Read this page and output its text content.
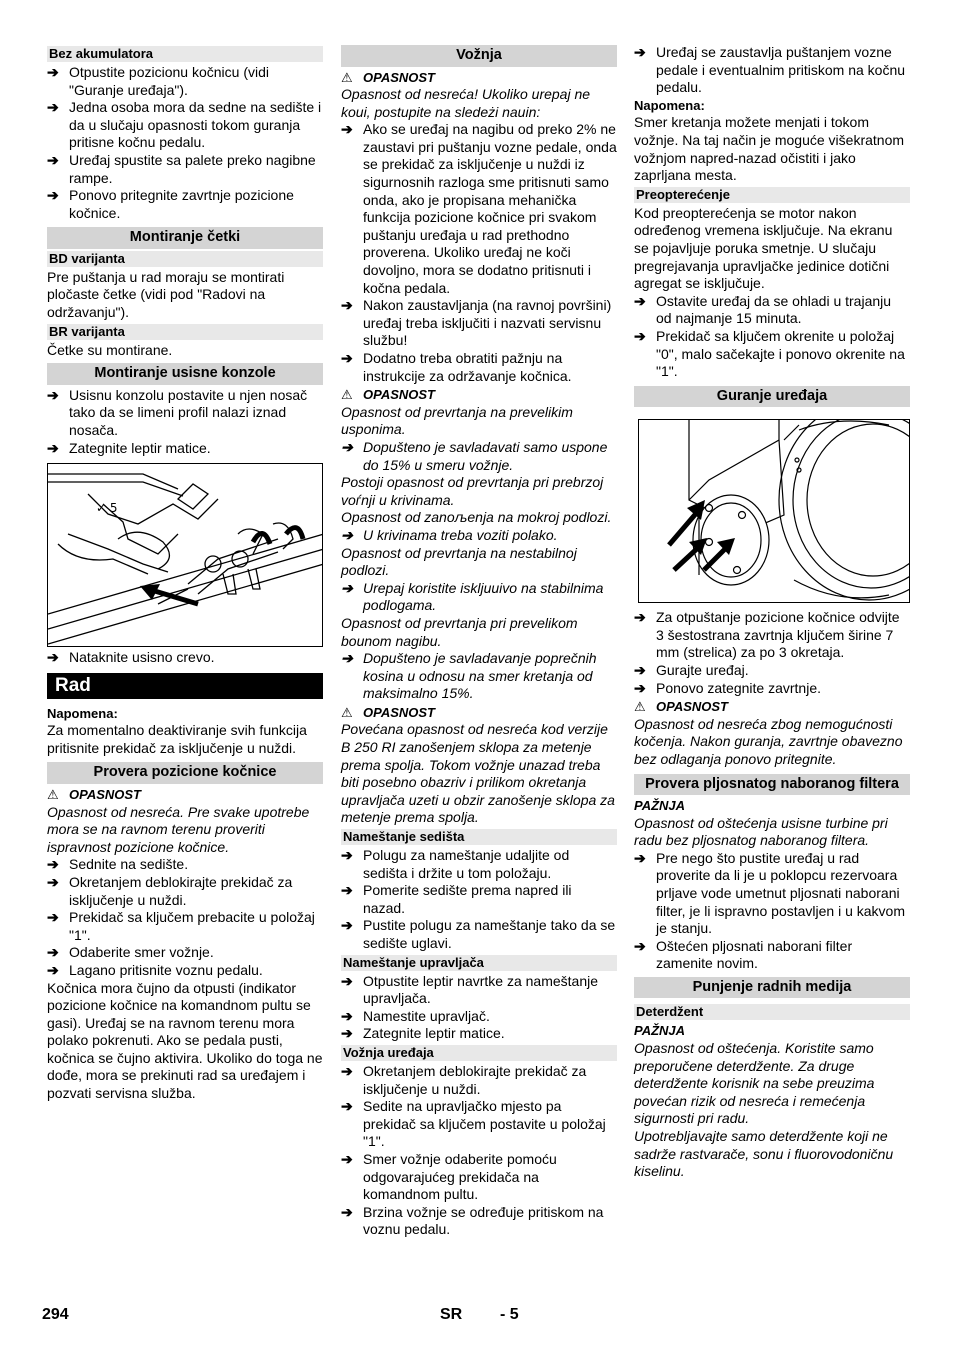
Bez akumulatora
➔ Otpustite pozicionu kočnicu (vidi "Guranje uređaja").
➔ Jedna osoba mora da sedne na sedište i da u slučaju opasnosti tokom guranja pritisne kočnu pedalu.
➔ Uređaj spustite sa palete preko nagibne rampe.
➔ Ponovo pritegnite zavrtnje pozicione kočnice.
Montiranje četki
BD varijanta

Pre puštanja u rad moraju se montirati pločaste četke (vidi pod "Radovi na održavanju").

BR varijanta

Četke su montirane.

Montiranje usisne konzole
➔ Usisnu konzolu postavite u njen nosač tako da se limeni profil nalazi iznad nosača.
➔ Zategnite leptir matice.
✓ 5
➔ Nataknite usisno crevo.
Rad
Napomena:

Za momentalno deaktiviranje svih funkcija pritisnite prekidač za isključenje u nuždi.

Provera pozicione kočnice
⚠ OPASNOST

Opasnost od nesreća. Pre svake upotrebe mora se na ravnom terenu proveriti ispravnost pozicione kočnice.

➔ Sednite na sedište.
➔ Okretanjem deblokirajte prekidač za isključenje u nuždi.
➔ Prekidač sa ključem prebacite u položaj "1".
➔ Odaberite smer vožnje.
➔ Lagano pritisnite voznu pedalu.

Kočnica mora čujno da otpusti (indikator pozicione kočnice na komandnom pultu se gasi). Uređaj se na ravnom terenu mora polako pokrenuti. Ako se pedala pusti, kočnica se čujno aktivira. Ukoliko do toga ne dođe, mora se prekinuti rad sa uređajem i pozvati servisna služba.

Vožnja
⚠ OPASNOST

Opasnost od nesreća! Ukoliko urepaj ne koui, postupite na sledeżi nauin:

➔ Ako se uređaj na nagibu od preko 2% ne zaustavi pri puštanju vozne pedale, onda se prekidač za isključenje u nuždi iz sigurnosnih razloga sme pritisnuti samo onda, ako je propisana mehanička funkcija pozicione kočnice pri svakom puštanju uređaja u rad prethodno proverena. Ukoliko uređaj ne koči dovoljno, mora se dodatno pritisnuti i kočna pedala.
➔ Nakon zaustavljanja (na ravnoj površini) uređaj treba isključiti i nazvati servisnu službu!
➔ Dodatno treba obratiti pažnju na instrukcije za održavanje kočnica.
⚠ OPASNOST

Opasnost od prevrtanja na prevelikim usponima.

➔ Dopušteno je savladavati samo uspone do 15% u smeru vožnje.

Postoji opasnost od prevrtanja pri prebrzoj voѓnji u krivinama.

Opasnost od zanoљenja na mokroj podlozi.

➔ U krivinama treba voziti polako.

Opasnost od prevrtanja na nestabilnoj podlozi.

➔ Urepaj koristite iskljuuivo na stabilnima podlogama.

Opasnost od prevrtanja pri prevelikom bounom nagibu.

➔ Dopušteno je savladavanje poprečnih kosina u odnosu na smer kretanja od maksimalno 15%.
⚠ OPASNOST

Povećana opasnost od nesreća kod verzije B 250 RI zanošenjem sklopa za metenje prema spolja. Tokom vožnje unazad treba biti posebno obazriv i prilikom okretanja upravljača uzeti u obzir zanošenje sklopa za metenje prema spolja.

Nameštanje sedišta
➔ Polugu za nameštanje udaljite od sedišta i držite u tom položaju.
➔ Pomerite sedište prema napred ili nazad.
➔ Pustite polugu za nameštanje tako da se sedište uglavi.
Nameštanje upravljača
➔ Otpustite leptir navrtke za nameštanje upravljača.
➔ Namestite upravljač.
➔ Zategnite leptir matice.
Vožnja uređaja
➔ Okretanjem deblokirajte prekidač za isključenje u nuždi.
➔ Sedite na upravljačko mjesto pa prekidač sa ključem postavite u položaj "1".
➔ Smer vožnje odaberite pomoću odgovarajućeg prekidača na komandnom pultu.
➔ Brzina vožnje se određuje pritiskom na voznu pedalu.
➔ Uređaj se zaustavlja puštanjem vozne pedale i eventualnim pritiskom na kočnu pedalu.
Napomena:

Smer kretanja možete menjati i tokom vožnje. Na taj način je moguće višekratnom vožnjom napred-nazad očistiti i jako zaprljana mesta.

Preopterećenje

Kod preopterećenja se motor nakon određenog vremena isključuje. Na ekranu se pojavljuje poruka smetnje. U slučaju pregrejavanja upravljačke jedinice dotični agregat se isključuje.

➔ Ostavite uređaj da se ohladi u trajanju od najmanje 15 minuta.
➔ Prekidač sa ključem okrenite u položaj "0", malo sačekajte i ponovo okrenite na "1".
Guranje uređaja
➔ Za otpuštanje pozicione kočnice odvijte 3 šestostrana zavrtnja ključem širine 7 mm (strelica) za po 3 okretaja.
➔ Gurajte uređaj.
➔ Ponovo zategnite zavrtnje.
⚠ OPASNOST

Opasnost od nesreća zbog nemogućnosti kočenja. Nakon guranja, zavrtnje obavezno bez odlaganja ponovo pritegnite.

Provera pljosnatog naboranog filtera
PAŽNJA

Opasnost od oštećenja usisne turbine pri radu bez pljosnatog naboranog filtera.

➔ Pre nego što pustite uređaj u rad proverite da li je u poklopcu rezervoara prljave vode umetnut pljosnati naborani filter, je li ispravno postavljen i u kakvom je stanju.
➔ Oštećen pljosnati naborani filter zamenite novim.
Punjenje radnih medija
Deterdžent
PAŽNJA

Opasnost od oštećenja. Koristite samo preporučene deterdžente. Za druge deterdžente korisnik na sebe preuzima povećan rizik od nesreća i remećenja sigurnosti pri radu.

Upotrebljavajte samo deterdžente koji ne sadrže rastvarače, sonu i fluorovodoničnu kiselinu.

294	SR - 5
